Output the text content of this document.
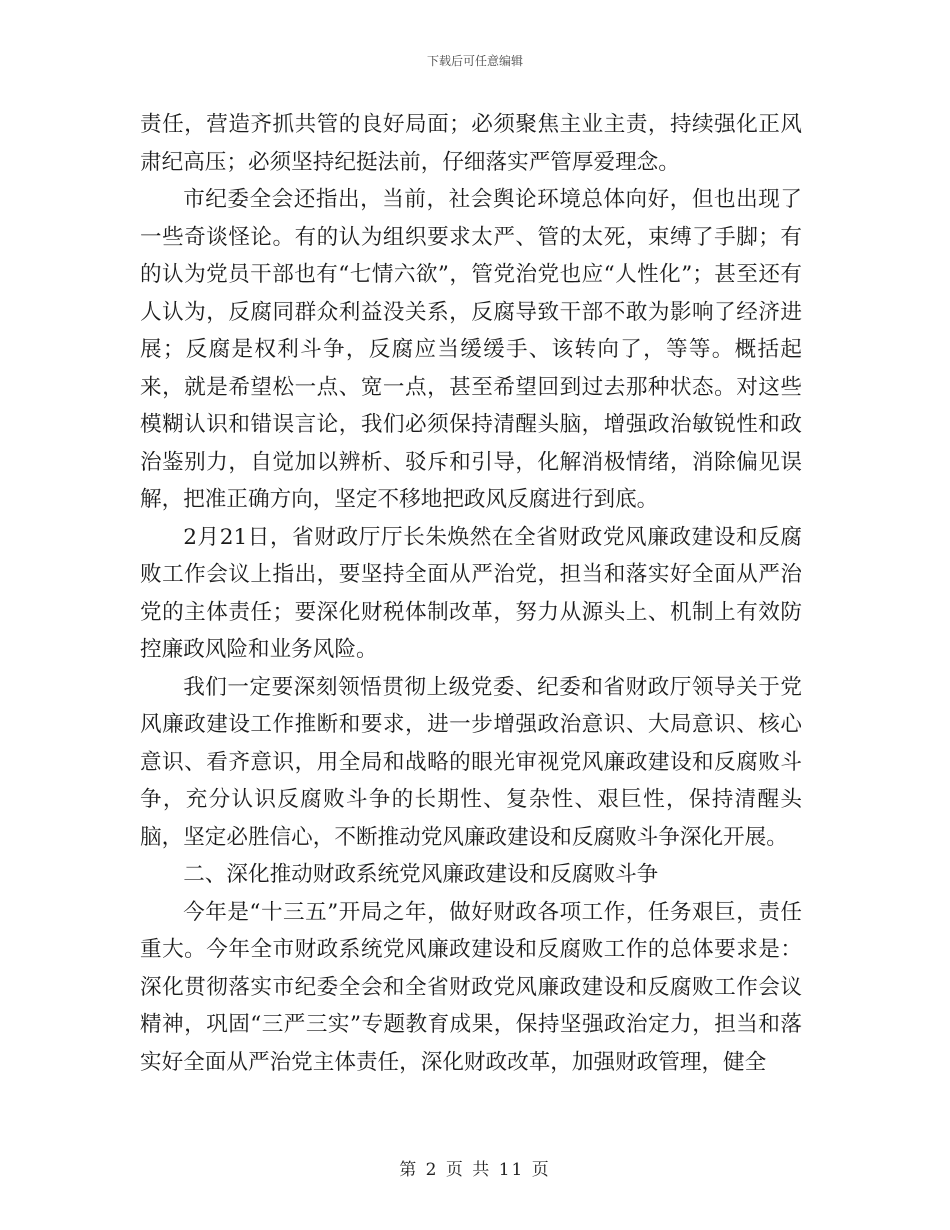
下载后可任意编辑

责任，营造齐抓共管的良好局面；必须聚焦主业主责，持续强化正风肃纪高压；必须坚持纪挺法前，仔细落实严管厚爱理念。

市纪委全会还指出，当前，社会舆论环境总体向好，但也出现了一些奇谈怪论。有的认为组织要求太严、管的太死，束缚了手脚；有的认为党员干部也有“七情六欲”，管党治党也应“人性化”；甚至还有人认为，反腐同群众利益没关系，反腐导致干部不敢为影响了经济进展；反腐是权利斗争，反腐应当缓缓手、该转向了，等等。概括起来，就是希望松一点、宽一点，甚至希望回到过去那种状态。对这些模糊认识和错误言论，我们必须保持清醒头脑，增强政治敏锐性和政治鉴别力，自觉加以辨析、驳斥和引导，化解消极情绪，消除偏见误解，把准正确方向，坚定不移地把政风反腐进行到底。

2月21日，省财政厅厅长朱焕然在全省财政党风廉政建设和反腐败工作会议上指出，要坚持全面从严治党，担当和落实好全面从严治党的主体责任；要深化财税体制改革，努力从源头上、机制上有效防控廉政风险和业务风险。

我们一定要深刻领悟贯彻上级党委、纪委和省财政厅领导关于党风廉政建设工作推断和要求，进一步增强政治意识、大局意识、核心意识、看齐意识，用全局和战略的眼光审视党风廉政建设和反腐败斗争，充分认识反腐败斗争的长期性、复杂性、艰巨性，保持清醒头脑，坚定必胜信心，不断推动党风廉政建设和反腐败斗争深化开展。

二、深化推动财政系统党风廉政建设和反腐败斗争

今年是“十三五”开局之年，做好财政各项工作，任务艰巨，责任重大。今年全市财政系统党风廉政建设和反腐败工作的总体要求是：深化贯彻落实市纪委全会和全省财政党风廉政建设和反腐败工作会议精神，巩固“三严三实”专题教育成果，保持坚强政治定力，担当和落实好全面从严治党主体责任，深化财政改革，加强财政管理，健全

第 2 页 共 11 页
